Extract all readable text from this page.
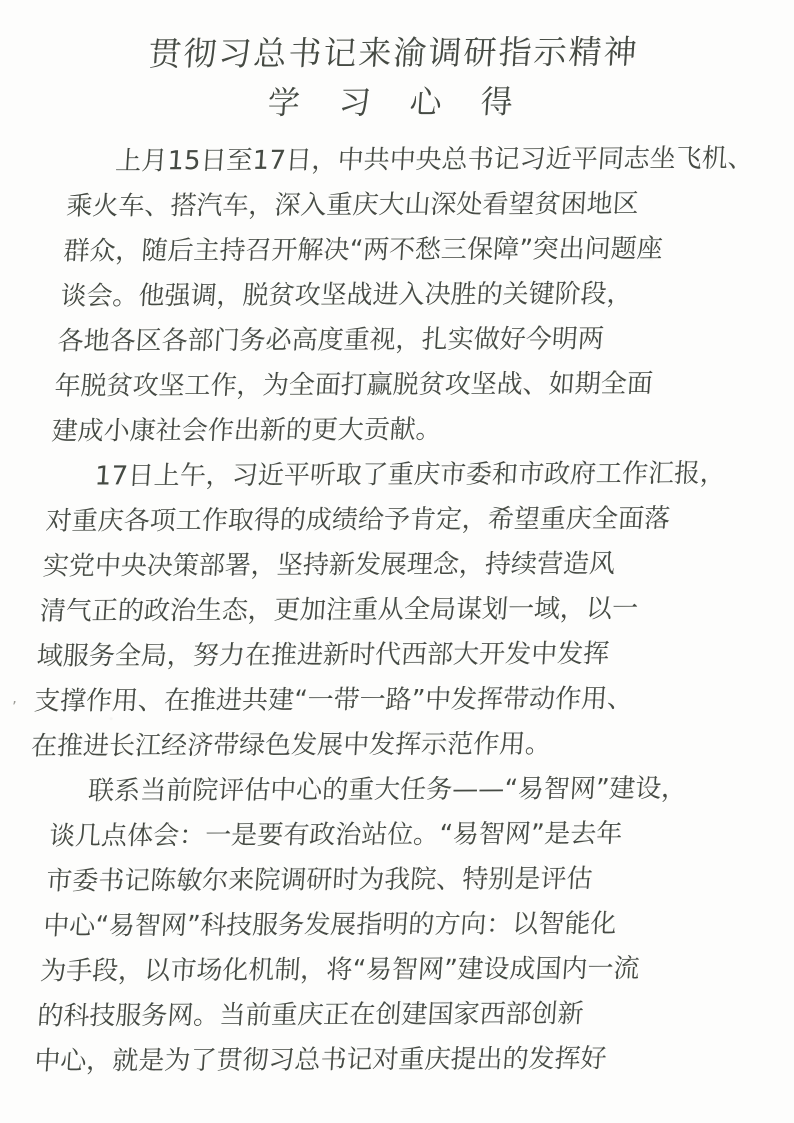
贯彻习总书记来渝调研指示精神
学 习 心 得
上月15日至17日，中共中央总书记习近平同志坐飞机、
乘火车、搭汽车，深入重庆大山深处看望贫困地区
群众，随后主持召开解决“两不愁三保障”突出问题座
谈会。他强调，脱贫攻坚战进入决胜的关键阶段，
各地各区各部门务必高度重视，扎实做好今明两
年脱贫攻坚工作，为全面打赢脱贫攻坚战、如期全面
建成小康社会作出新的更大贡献。
17日上午，习近平听取了重庆市委和市政府工作汇报，
对重庆各项工作取得的成绩给予肯定，希望重庆全面落
实党中央决策部署，坚持新发展理念，持续营造风
清气正的政治生态，更加注重从全局谋划一域，以一
域服务全局，努力在推进新时代西部大开发中发挥
支撑作用、在推进共建“一带一路”中发挥带动作用、
在推进长江经济带绿色发展中发挥示范作用。
联系当前院评估中心的重大任务——“易智网”建设，
谈几点体会：一是要有政治站位。“易智网”是去年
市委书记陈敏尔来院调研时为我院、特别是评估
中心“易智网”科技服务发展指明的方向：以智能化
为手段，以市场化机制，将“易智网”建设成国内一流
的科技服务网。当前重庆正在创建国家西部创新
中心，就是为了贯彻习总书记对重庆提出的发挥好
ʼ
